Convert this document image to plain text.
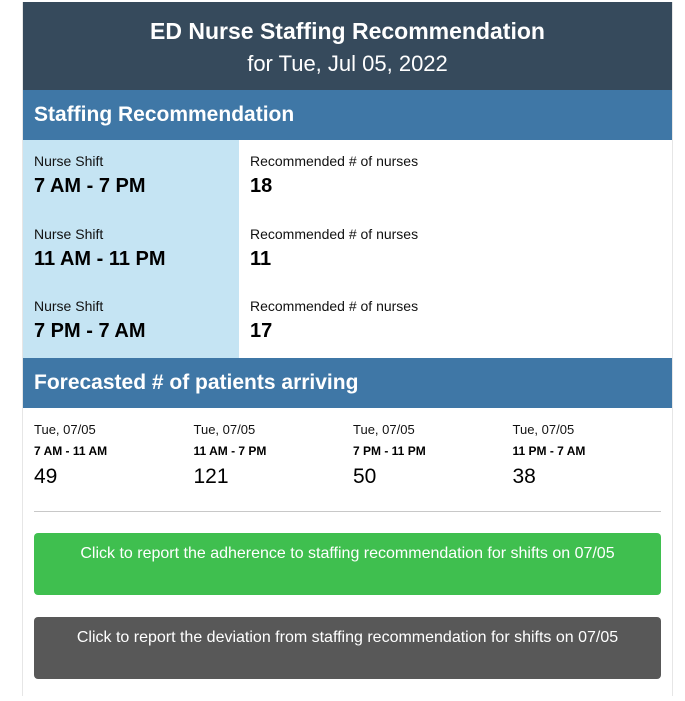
ED Nurse Staffing Recommendation
for Tue, Jul 05, 2022
Staffing Recommendation
Nurse Shift
7 AM - 7 PM
Nurse Shift
11 AM - 11 PM
Nurse Shift
7 PM - 7 AM
Recommended # of nurses
18
Recommended # of nurses
11
Recommended # of nurses
17
Forecasted # of patients arriving
Tue, 07/05
7 AM - 11 AM
49
Tue, 07/05
11 AM - 7 PM
121
Tue, 07/05
7 PM - 11 PM
50
Tue, 07/05
11 PM - 7 AM
38
Click to report the adherence to staffing recommendation for shifts on 07/05
Click to report the deviation from staffing recommendation for shifts on 07/05
